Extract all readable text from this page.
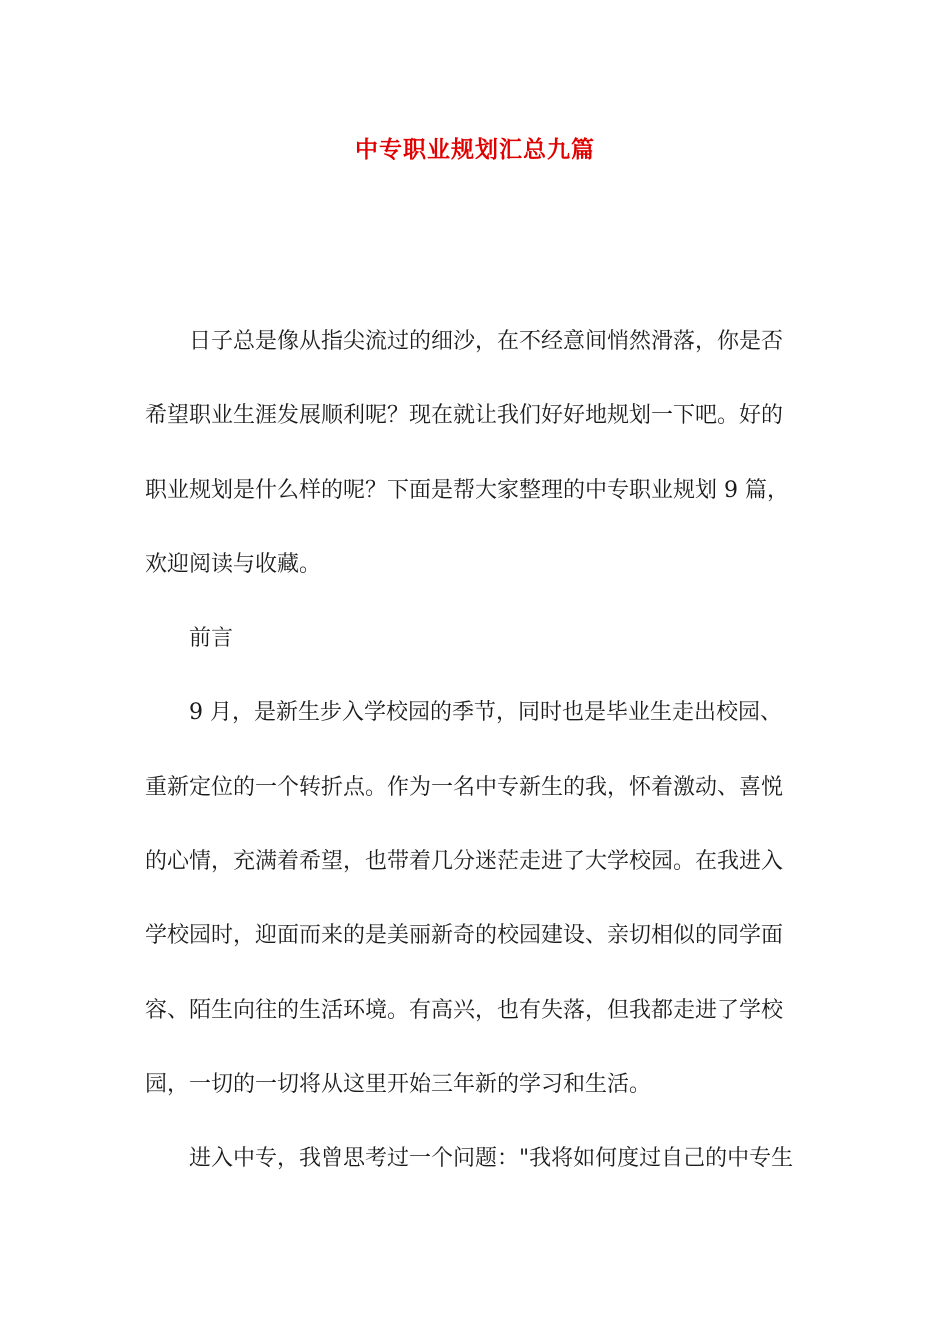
中专职业规划汇总九篇

日子总是像从指尖流过的细沙，在不经意间悄然滑落，你是否

希望职业生涯发展顺利呢？现在就让我们好好地规划一下吧。好的

职业规划是什么样的呢？下面是帮大家整理的中专职业规划 9 篇，

欢迎阅读与收藏。

前言

9 月，是新生步入学校园的季节，同时也是毕业生走出校园、

重新定位的一个转折点。作为一名中专新生的我，怀着激动、喜悦

的心情，充满着希望，也带着几分迷茫走进了大学校园。在我进入

学校园时，迎面而来的是美丽新奇的校园建设、亲切相似的同学面

容、陌生向往的生活环境。有高兴，也有失落，但我都走进了学校

园，一切的一切将从这里开始三年新的学习和生活。

进入中专，我曾思考过一个问题："我将如何度过自己的中专生
